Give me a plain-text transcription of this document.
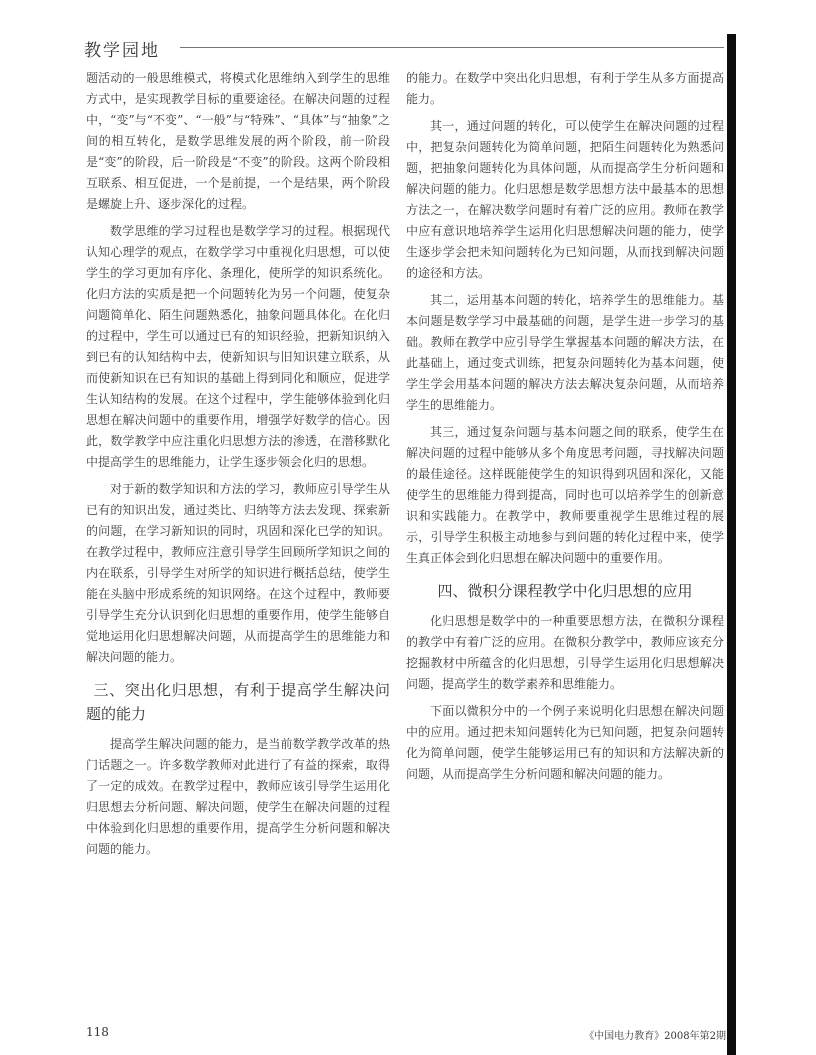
教学园地

题活动的一般思维模式，将模式化思维纳入到学生的思维方式中，是实现教学目标的重要途径。在解决问题的过程中，“变”与“不变”、“一般”与“特殊”、“具体”与“抽象”之间的相互转化，是数学思维发展的两个阶段，前一阶段是“变”的阶段，后一阶段是“不变”的阶段。这两个阶段相互联系、相互促进，一个是前提，一个是结果，两个阶段是螺旋上升、逐步深化的过程。

数学思维的学习过程也是数学学习的过程。根据现代认知心理学的观点，在数学学习中重视化归思想，可以使学生的学习更加有序化、条理化，使所学的知识系统化。化归方法的实质是把一个问题转化为另一个问题，使复杂问题简单化、陌生问题熟悉化，抽象问题具体化。在化归的过程中，学生可以通过已有的知识经验，把新知识纳入到已有的认知结构中去，使新知识与旧知识建立联系，从而使新知识在已有知识的基础上得到同化和顺应，促进学生认知结构的发展。在这个过程中，学生能够体验到化归思想在解决问题中的重要作用，增强学好数学的信心。因此，数学教学中应注重化归思想方法的渗透，在潜移默化中提高学生的思维能力，让学生逐步领会化归的思想。

对于新的数学知识和方法的学习，教师应引导学生从已有的知识出发，通过类比、归纳等方法去发现、探索新的问题，在学习新知识的同时，巩固和深化已学的知识。在教学过程中，教师应注意引导学生回顾所学知识之间的内在联系，引导学生对所学的知识进行概括总结，使学生能在头脑中形成系统的知识网络。在这个过程中，教师要引导学生充分认识到化归思想的重要作用，使学生能够自觉地运用化归思想解决问题，从而提高学生的思维能力和解决问题的能力。

三、突出化归思想，有利于提高学生解决问题的能力

提高学生解决问题的能力，是当前数学教学改革的热门话题之一。许多数学教师对此进行了有益的探索，取得了一定的成效。在教学过程中，教师应该引导学生运用化归思想去分析问题、解决问题，使学生在解决问题的过程中体验到化归思想的重要作用，提高学生分析问题和解决问题的能力。

的能力。在数学中突出化归思想，有利于学生从多方面提高能力。

其一，通过问题的转化，可以使学生在解决问题的过程中，把复杂问题转化为简单问题，把陌生问题转化为熟悉问题，把抽象问题转化为具体问题，从而提高学生分析问题和解决问题的能力。化归思想是数学思想方法中最基本的思想方法之一，在解决数学问题时有着广泛的应用。教师在教学中应有意识地培养学生运用化归思想解决问题的能力，使学生逐步学会把未知问题转化为已知问题，从而找到解决问题的途径和方法。

其二，运用基本问题的转化，培养学生的思维能力。基本问题是数学学习中最基础的问题，是学生进一步学习的基础。教师在教学中应引导学生掌握基本问题的解决方法，在此基础上，通过变式训练，把复杂问题转化为基本问题，使学生学会用基本问题的解决方法去解决复杂问题，从而培养学生的思维能力。

其三，通过复杂问题与基本问题之间的联系，使学生在解决问题的过程中能够从多个角度思考问题，寻找解决问题的最佳途径。这样既能使学生的知识得到巩固和深化，又能使学生的思维能力得到提高，同时也可以培养学生的创新意识和实践能力。在教学中，教师要重视学生思维过程的展示，引导学生积极主动地参与到问题的转化过程中来，使学生真正体会到化归思想在解决问题中的重要作用。

四、微积分课程教学中化归思想的应用

化归思想是数学中的一种重要思想方法，在微积分课程的教学中有着广泛的应用。在微积分教学中，教师应该充分挖掘教材中所蕴含的化归思想，引导学生运用化归思想解决问题，提高学生的数学素养和思维能力。

下面以微积分中的一个例子来说明化归思想在解决问题中的应用。通过把未知问题转化为已知问题，把复杂问题转化为简单问题，使学生能够运用已有的知识和方法解决新的问题，从而提高学生分析问题和解决问题的能力。

118	《中国电力教育》2008年第2期
